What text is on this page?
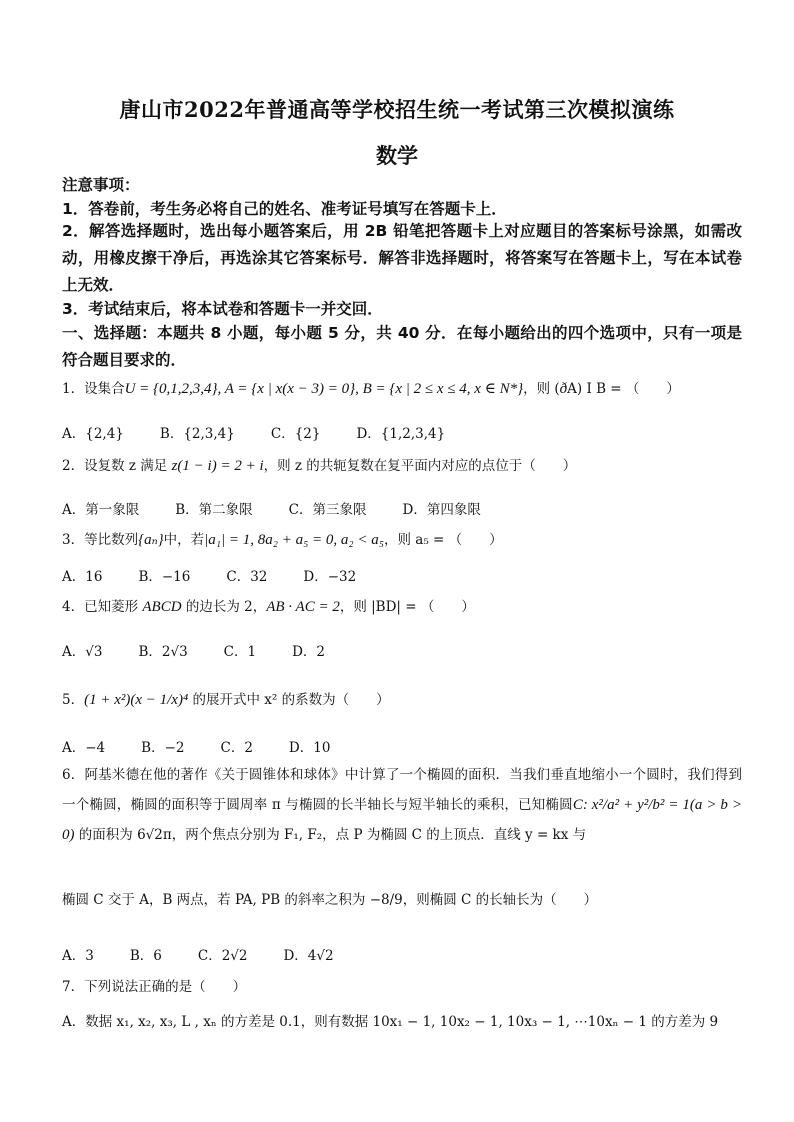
唐山市2022年普通高等学校招生统一考试第三次模拟演练
数学
注意事项：
1．答卷前，考生务必将自己的姓名、准考证号填写在答题卡上．
2．解答选择题时，选出每小题答案后，用 2B 铅笔把答题卡上对应题目的答案标号涂黑，如需改动，用橡皮擦干净后，再选涂其它答案标号．解答非选择题时，将答案写在答题卡上，写在本试卷上无效．
3．考试结束后，将本试卷和答题卡一并交回．
一、选择题：本题共 8 小题，每小题 5 分，共 40 分．在每小题给出的四个选项中，只有一项是符合题目要求的．
1．设集合U = {0,1,2,3,4}, A = {x | x(x − 3) = 0}, B = {x | 2 ≤ x ≤ 4, x ∈ N*}，则 (ðA) I B = （　　）
A．{2,4}	B．{2,3,4}	C．{2}	D．{1,2,3,4}
2．设复数 z 满足 z(1 − i) = 2 + i，则 z 的共轭复数在复平面内对应的点位于（　　）
A．第一象限	B．第二象限	C．第三象限	D．第四象限
3．等比数列{aₙ}中，若|a₁| = 1, 8a₂ + a₅ = 0, a₂ < a₅，则 a₅ = （　　）
A．16	B．−16	C．32	D．−32
4．已知菱形 ABCD 的边长为 2，AB · AC = 2，则 |BD| = （　　）
A．√3	B．2√3	C．1	D．2
5．(1 + x²)(x − 1/x)⁴ 的展开式中 x² 的系数为（　　）
A．−4	B．−2	C．2	D．10
6．阿基米德在他的著作《关于圆锥体和球体》中计算了一个椭圆的面积．当我们垂直地缩小一个圆时，我们得到一个椭圆，椭圆的面积等于圆周率 π 与椭圆的长半轴长与短半轴长的乘积，已知椭圆C: x²/a² + y²/b² = 1(a > b > 0) 的面积为 6√2π，两个焦点分别为 F₁, F₂，点 P 为椭圆 C 的上顶点．直线 y = kx 与
椭圆 C 交于 A，B 两点，若 PA, PB 的斜率之积为 −8/9，则椭圆 C 的长轴长为（　　）
A．3	B．6	C．2√2	D．4√2
7．下列说法正确的是（　　）
A．数据 x₁, x₂, x₃, L , xₙ 的方差是 0.1，则有数据 10x₁ − 1, 10x₂ − 1, 10x₃ − 1, ⋯10xₙ − 1 的方差为 9
